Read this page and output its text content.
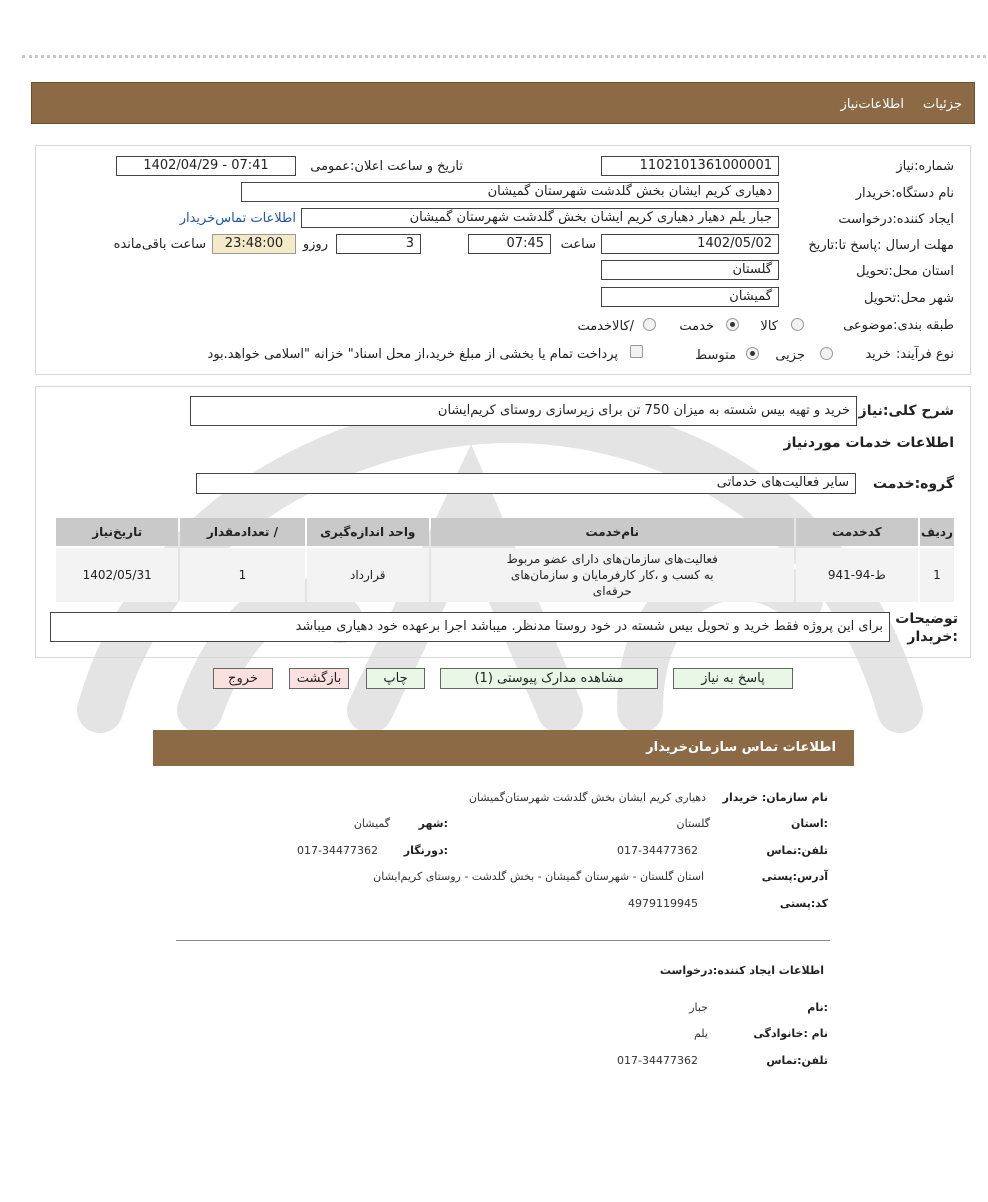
جزئیات
اطلاعات‌نیاز
شماره:نیاز
1102101361000001
تاریخ و ساعت اعلان:عمومی
1402/04/29 - 07:41
نام دستگاه:خریدار
دهیاری کریم ایشان بخش گلدشت شهرستان گمیشان
ایجاد کننده:درخواست
جبار یلم دهیار دهیاری کریم ایشان بخش گلدشت شهرستان گمیشان
اطلاعات تماس‌خریدار
مهلت ارسال :پاسخ تا:تاریخ
1402/05/02
ساعت
07:45
3
روزو
23:48:00
ساعت باقی‌مانده
استان محل:تحویل
گلستان
شهر محل:تحویل
گمیشان
طبقه بندی:موضوعی
کالا
خدمت
/کالاخدمت
نوع فرآیند:
خرید
جزیی
متوسط
پرداخت تمام یا بخشی از مبلغ خرید،از محل اسناد" خزانه "اسلامی خواهد.بود
شرح کلی:نیاز
خرید و تهیه بیس شسته به میزان 750 تن برای زیرسازی روستای کریم‌ایشان
اطلاعات خدمات موردنیاز
گروه:خدمت
سایر فعالیت‌های خدماتی
ردیف	کدخدمت	نام‌خدمت	واحد اندازه‌گیری	/ تعدادمقدار	تاریخ‌نیاز
1	ط-94-941	فعالیت‌های سازمان‌های دارای عضو مربوط به کسب و ،کار کارفرمایان و سازمان‌های حرفه‌ای	قرارداد	1	1402/05/31
توضیحات
:خریدار
برای این پروژه فقط خرید و تحویل بیس شسته در خود روستا مدنظر. میباشد اجرا برعهده خود دهیاری میباشد
پاسخ به نیاز
مشاهده مدارک پیوستی (1)
چاپ
بازگشت
خروج
اطلاعات تماس سازمان‌خریدار
نام سازمان: خریدار
دهیاری کریم ایشان بخش گلدشت شهرستان‌گمیشان
:استان
گلستان
:شهر
گمیشان
تلفن:تماس
017-34477362
:دورنگار
017-34477362
آدرس:پستی
استان گلستان - شهرستان گمیشان - بخش گلدشت - روستای کریم‌ایشان
کد:پستی
4979119945
اطلاعات ایجاد کننده:درخواست
:نام
جبار
نام :خانوادگی
یلم
تلفن:تماس
017-34477362
